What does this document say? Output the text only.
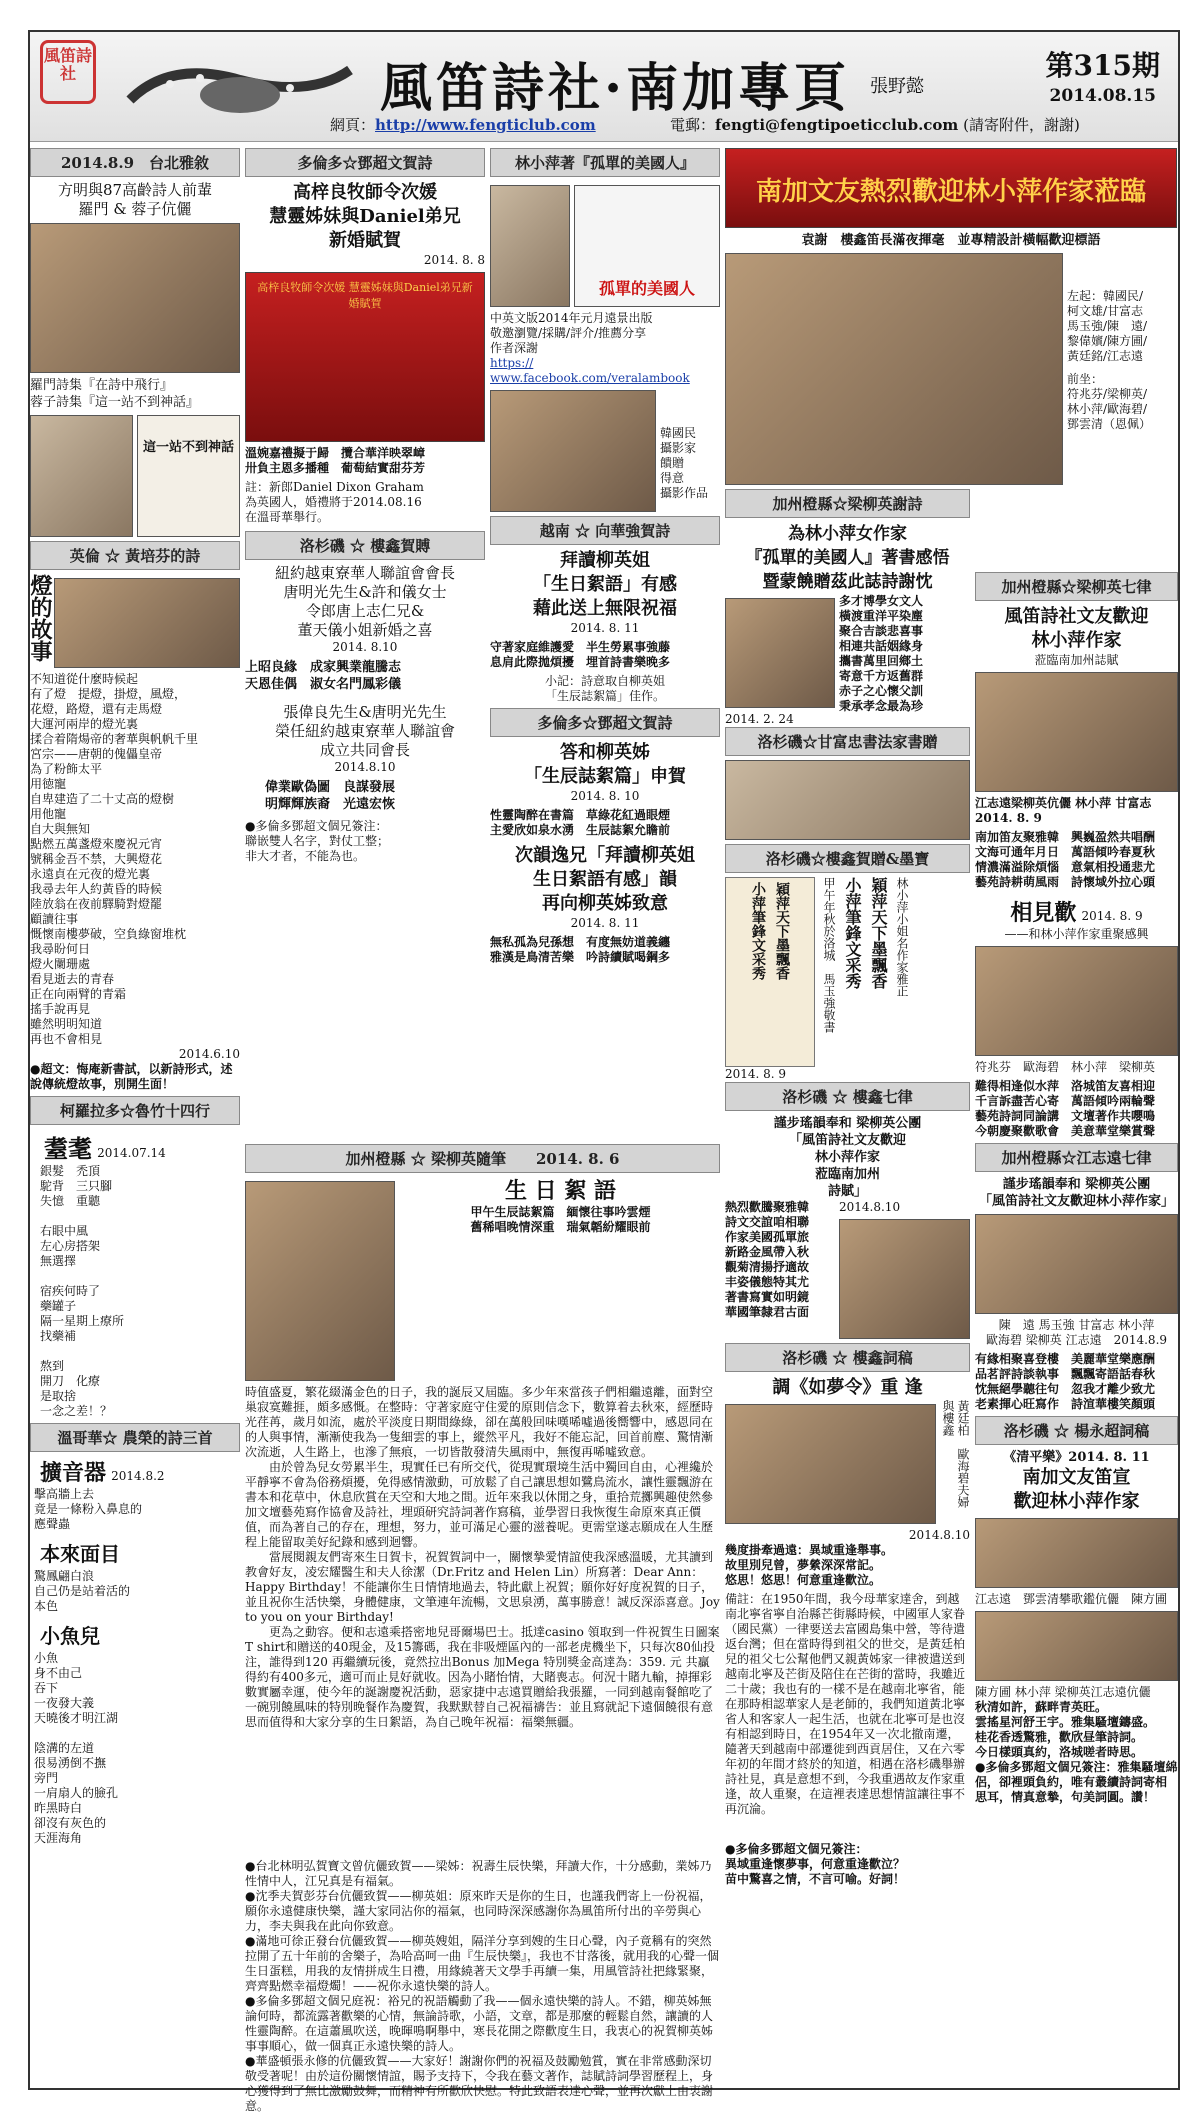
風笛詩社	風笛詩社·南加專頁 張野懿
第315期
2014.08.15
網頁：http://www.fengticlub.com	電郵：fengti@fengtipoeticclub.com (請寄附件，謝謝)
2014.8.9　台北雅敘
方明與87高齡詩人前輩
羅門 & 蓉子伉儷
羅門詩集『在詩中飛行』
蓉子詩集『這一站不到神話』
這一站不到神話
英倫 ☆ 黃培芬的詩
燈的故事
不知道從什麼時候起
有了燈　提燈，掛燈，風燈，
花燈，路燈，還有走馬燈
大運河兩岸的燈光裏
揉合着隋煬帝的奢華與帆帆千里
宮宗——唐朝的傀儡皇帝
為了粉飾太平
用徳寵
自卑建造了二十丈高的燈樹
用他寵
自大與無知
點燃五萬盞燈來慶祝元宵
號稱金吾不禁，大興燈花
永遠貞在元夜的燈光裏
我尋去年人約黃昏的時候
陸放翁在夜前驛騎對燈罷
顧讀往事
慨懷南樓夢破，空負綠窗堆枕
我尋盼何日
燈火闌珊處
看見逝去的青春
正在向兩臂的青霜
搖手說再見
雖然明明知道
再也不會相見
2014.6.10
●超文：悔庵新書試，以新詩形式，述說傳統燈故事，別開生面！
柯羅拉多☆魯竹十四行
耋耄 2014.07.14
銀髮　禿頂
駝背　三只腳
失憶　重聽

右眼中風
左心房搭架
無選擇

宿疾何時了
藥罐子
隔一星期上療所
找藥補

熬到
開刀　化療
是取捨
一念之差！？
溫哥華☆ 農榮的詩三首
擴音器 2014.8.2
擊高牆上去
竟是一條粉入鼻息的
應聲蟲
本來面目
驚鳳翩白浪
自己仍是站着活的
本色
小魚兒
小魚
身不由己
吞下
一夜發大義
天曉後才明江湖

陰溝的左道
很易湧倒不撫
旁門
一肩扇人的臉孔
昨黑時白
卻沒有灰色的
天涯海角
多倫多☆鄧超文賀詩
高梓良牧師令次媛
慧靈姊妹與Daniel弟兄
新婚賦賀
2014. 8. 8
高梓良牧師令次媛 慧靈姊妹與Daniel弟兄新婚賦賀
溫婉嘉禮擬于歸　攬合華洋映翠嶂
卅負主恩多播種　葡萄結實甜芬芳
註：新郎Daniel Dixon Graham
為英國人，婚禮將于2014.08.16
在溫哥華舉行。
洛杉磯 ☆ 樓鑫賀賻
紐約越東寮華人聯誼會會長
唐明光先生&許和儀女士
令郎唐上志仁兄&
董天儀小姐新婚之喜
2014. 8.10
上昭良緣　成家興業龍騰志
天恩佳偶　淑女名門鳳彩儀
張偉良先生&唐明光先生
榮任紐約越東寮華人聯誼會
成立共同會長
2014.8.10
偉業歐偽圖　良謀發展
明輝輝族裔　光遠宏恢
●多倫多鄧超文個兄簽注：
聯嵌雙人名字，對仗工整；
非大才者，不能為也。
林小萍著『孤單的美國人』
孤單的美國人
中英文版2014年元月遠景出版
敬邀瀏覽/採購/評介/推薦分享
作者深謝　
https://
www.facebook.com/veralambook
韓國民
攝影家
饋贈
得意
攝影作品
越南 ☆ 向華強賀詩
拜讀柳英姐
「生日絮語」有感
藉此送上無限祝福
2014. 8. 11
守著家庭維護愛　半生勞累事強藤
息肩此際拋煩擾　埋首詩書樂晚多
小記：詩意取自柳英姐
「生辰誌絮篇」佳作。
多倫多☆鄧超文賀詩
答和柳英姊
「生辰誌絮篇」申賀
2014. 8. 10
性靈陶醉在書篇　草綠花紅過眼煙
主愛欣如泉水湧　生辰誌絮允瞻前
次韻逸兄「拜讀柳英姐
生日絮語有感」韻
再向柳英姊致意
2014. 8. 11
無私孤為兒孫想　有度無妨道義纏
雅漢是鳥清苦樂　吟詩續賦喝鋼多
加州橙縣 ☆ 梁柳英隨筆　　2014. 8. 6
生 日 絮 語
甲午生辰誌絮篇　緬懷往事吟雲煙
舊稀唱晚情深重　瑞氣韜紛耀眼前
時值盛夏，繁花綴滿金色的日子，我的誕辰又屆臨。多少年來當孩子們相繼遠離，面對空巢寂寞難捱，頗多感慨。在整時：守著家庭守住愛的原則信念下，數算着去秋來，經歷時光荏苒，歲月如流，處於平淡度日期間綠綠，卻在萬般回味嘆唏噓過後嚮響中，感恩同在的人與事情，漸漸使我為一隻細雲的事上，縱然平凡，我好不能忘記，回首前塵、驚情漸次流逝，人生路上，也滲了無痕，一切皆散發清失風雨中，無復再唏噓致意。
　　由於曾為兒女勞累半生，現實任已有所交代，從現實環境生活中獨回自由，心裡纔於平靜寧不會為俗務煩擾，免得感情激動，可放鬆了自己讓思想如鷺鳥流水，讓性靈飄游在書本和花草中，休息欣賞在天空和大地之間。近年來我以休閒之身，重拾荒擲興趣使然參加文壇藝苑寫作協會及詩社，埋頭研究詩詞著作寫稿，並學習日我恢復生命原來真正價值，而為著自己的存在，理想，努力，並可滿足心靈的滋養呢。更需堂遂志願成在人生歷程上能留取美好紀錄和感到迴響。
　　當展閱親友們寄來生日賀卡，祝賀賀詞中一，關懷摯愛情誼使我深感溫暖，尤其讀到教會好友，凌宏耀醫生和夫人徐潔（Dr.Fritz and Helen Lin）所寫著：Dear Ann：Happy Birthday！不能讓你生日情情地過去，特此獻上祝賀；願你好好度祝賀的日子，並且祝你生活快樂，身體健康，文筆連年流暢，文思泉湧，萬事勝意！誠反深添喜意。Joy to you on your Birthday!
　　更為之動容。便和志遠乘搭密地兒哥爾場巴士。抵達casino 領取到一件祝賀生日圖案T shirt和贈送的40現金，及15籌碼，我在非吸煙區內的一部老虎機坐下，只每次80仙投注，誰得到120 再繼續玩後，竟然拉出Bonus 加Mega 特別獎金高達為：359. 元 共贏得約有400多元，適可而止見好就收。因為小賭怡情，大賭喪志。何況十賭九輸，掉揮彩數實屬幸運，使今年的誕謝慶祝活動，惡家捷中志遠買贈給我張羅，一同到越南餐館吃了一碗別饒風味的特別晚餐作為慶賀，我默默替自己祝福禱告：並且寫就記下遠個饒很有意思而值得和大家分享的生日絮語，為自己晚年祝福：福樂無疆。
●台北林明弘賀寶文曾伉儷致賀——梁姊：祝壽生辰快樂，拜讀大作，十分感動，業姊乃性情中人，江兄真是有福氣。
●沈季夫賀彭芬台伉儷致賀——柳英姐：原來昨天是你的生日，也謹我們寄上一份祝福，願你永遠健康快樂，謹大家同沾你的福氣，也同時深深感謝你為風笛所付出的辛勞與心力，李夫與我在此向你致意。
●滿地可徐正發台伉儷致賀——柳英嫂姐，隔洋分享到嫂的生日心聲，內子竟稱有的突然拉開了五十年前的舍樂子，為哈高呵一曲『生辰快樂』，我也不甘落後，就用我的心聲一個生日蛋糕，用我的友情拼成生日禮，用緣繞著天文學手再續一集，用風管詩社把緣緊聚，齊齊點燃幸福燈燭！——祝你永遠快樂的詩人。
●多倫多鄧超文個兄庭祝：裕兄的祝語觸動了我——個永遠快樂的詩人。不錯，柳英姊無論何時，都流露著歡樂的心情，無論詩歌，小語，文章，都是那麼的輕鬆自然，讓讀的人性靈陶醉。在這蕭風吹送，晚暉鳴啊舉中，寒長花開之際歡度生日，我衷心的祝賀柳英姊事事順心，做一個真正永遠快樂的詩人。
●華盛頓張永修的伉儷致賀——大家好！謝謝你們的祝福及鼓勵勉賞，實在非常感動深切敬受著呢！由於這份關懷情誼，賜予支持下，令我在藝文著作，誌賦詩詞學習歷程上，身心獲得到了無比激勵鼓舞，而精神有所歡欣快慰。特此致語表達心聲，並再次獻上由衷謝意。
南加文友熱烈歡迎林小萍作家蒞臨
袁謝　樓鑫笛長滿夜揮毫　並專精設計橫幅歡迎標語
左起：韓國民/
柯文雄/甘富志
馬玉強/陳　遠/
黎偉嬪/陳方圃/
黃廷銘/江志遠
前坐：
符兆芬/梁柳英/
林小萍/歐海碧/
鄧雲清（恩佩）
加州橙縣☆梁柳英謝詩
為林小萍女作家
『孤單的美國人』著書感悟
暨蒙饒贈茲此誌詩謝忱
2014. 2. 24
多才博學女文人
橫渡重洋平染塵
聚合吉談悲喜事
相連共話姻緣身
攜書萬里回鄉土
寄意千方返舊群
赤子之心懷父訓
秉承孝念最為珍
洛杉磯☆甘富忠書法家書贈
洛杉磯☆樓鑫賀贈&墨寶
小萍筆鋒文采秀 穎萍天下墨飄香	甲午年秋於洛城　馬玉強敬書 小萍筆鋒文采秀 穎萍天下墨飄香 林小萍小姐名作家雅正
2014. 8. 9
洛杉磯 ☆ 樓鑫七律
謹步瑤韻奉和 梁柳英公團
「風笛詩社文友歡迎
林小萍作家
蒞臨南加州
詩賦」
熱烈歡騰聚雅韓
詩文交誼咱相聯
作家美國孤單旅
新路金風帶入秋
觀菊清揚抒適故
丰姿儀態特其尤
著書寫實如明鏡
華國筆隸君古面
2014.8.10
洛杉磯 ☆ 樓鑫詞稿
調《如夢令》重 逢
黃廷柏　歐海碧夫婦　與樓鑫
2014.8.10
幾度掛牽過遠：異域重逢舉事。
故里別兒曾，夢縈深深常記。
悠思！悠思！何意重逢歡泣。
備註：在1950年間，我今母華家達舍，到越南北寧省寧自治縣芒街縣時候，中國軍人家眷（國民黨）一律要送去富國島集中營，等待遣返台灣；但在當時得到祖父的世交，是黃廷柏兒的祖父七公幫他們又親黃姊家一律被遣送到越南北寧及芒街及陪住在芒街的當時，我雖近二十歲；我也有的一樣不是在越南北寧省，能在那時相認華家人是老師的，我們知道黃北寧省人和客家人一起生活，也就在北寧可是也沒有相認到時日，在1954年又一次北撤南遷，隨著天到越南中部遷徙到西貢居住，又在六零年初的年間才終於的知道，相遇在洛杉磯舉辦詩社見，真是意想不到，今我重遇故友作家重逢，故人重聚，在這裡表達思想情誼讓往事不再沉淪。
●多倫多鄧超文個兄簽注：
異域重逢懷夢事，何意重逢歡泣？
苗中驚喜之情，不言可喻。好詞！
加州橙縣☆梁柳英七律
風笛詩社文友歡迎
林小萍作家
蒞臨南加州誌賦
江志遠梁柳英伉儷 林小萍 甘富志　2014. 8. 9
南加笛友聚雅韓　興巍盈然共唱酬
文海可通年月日　萬語傾吟春夏秋
情濃滿溢除煩惱　意氣相投通悲尤
藝苑詩耕萌風雨　詩懷域外拉心頭
相見歡 2014. 8. 9
——和林小萍作家重聚感興
符兆芬　歐海碧　林小萍　梁柳英
難得相逢似水萍　洛城笛友喜相迎
千言訴盡苦心寄　萬語傾吟兩輪聲
藝苑詩詞同論講　文壇著作共嚶鳴
今朝慶聚歡歌會　美意華堂樂賞聲
加州橙縣☆江志遠七律
謹步瑤韻奉和 梁柳英公團
「風笛詩社文友歡迎林小萍作家」
陳　遠 馬玉強 甘富志 林小萍
歐海碧 梁柳英 江志遠　2014.8.9
有緣相聚喜登樓　美麗華堂樂應酬
品茗評詩談執事　飄飄寄語話春秋
忱無絕學聽往句　忽我才離少致尤
老素揮心旺寫作　詩渲華樓笑顏頭
洛杉磯 ☆ 楊永超詞稿
《清平樂》2014. 8. 11
南加文友笛宣
歡迎林小萍作家
江志遠　鄧雲清攀歌鑑伉儷　陳方圃
陳方圃 林小萍 梁柳英江志遠伉儷
秋清如許，蘇畔青英旺。
雲搖星河舒王宇。雅集騷壇鑄盛。
桂花香透驚雅，歡欣昼筆詩詞。
今日樣頭真約，洛城嗟者時思。
●多倫多鄧超文個兄簽注：雅集騷壇綿侶，卻裡頭負約，唯有叢續詩詞寄相思耳，情真意摯，句美詞圓。讚！
